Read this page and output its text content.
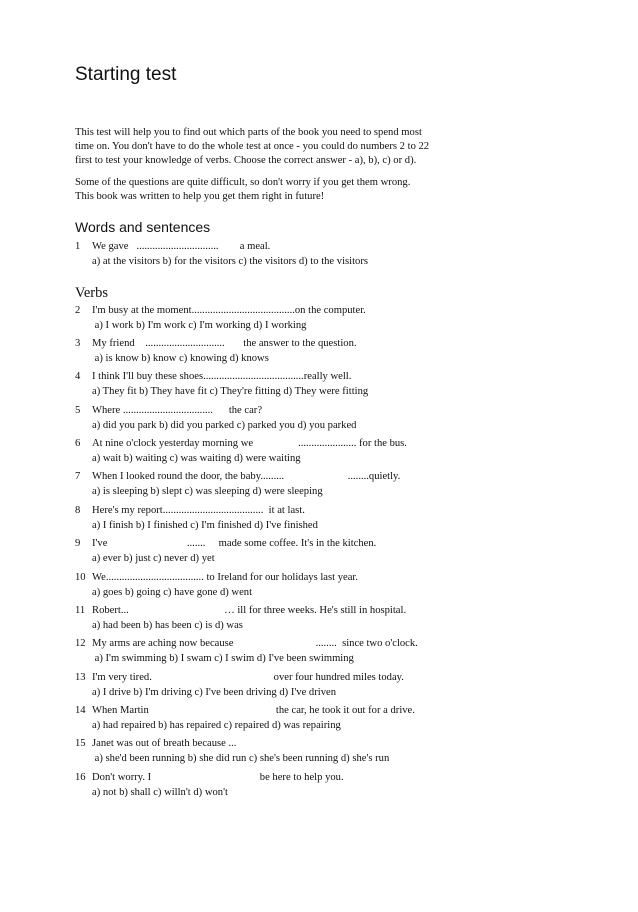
Starting test

This test will help you to find out which parts of the book you need to spend most

time on. You don't have to do the whole test at once - you could do numbers 2 to 22

first to test your knowledge of verbs. Choose the correct answer - a), b), c) or d).

Some of the questions are quite difficult, so don't worry if you get them wrong.

This book was written to help you get them right in future!

Words and sentences
Verbs
1 We gave   ...............................        a meal.
a) at the visitors b) for the visitors c) the visitors d) to the visitors
2 I'm busy at the moment.......................................on the computer.
a) I work b) I'm work c) I'm working d) I working
3 My friend    ..............................       the answer to the question.
a) is know b) know c) knowing d) knows
4 I think I'll buy these shoes......................................really well.
a) They fit b) They have fit c) They're fitting d) They were fitting
5 Where ..................................      the car?
a) did you park b) did you parked c) parked you d) you parked
6 At nine o'clock yesterday morning we                 ...................... for the bus.
a) wait b) waiting c) was waiting d) were waiting
7 When I looked round the door, the baby.........                        ........quietly.
a) is sleeping b) slept c) was sleeping d) were sleeping
8 Here's my report......................................  it at last.
a) I finish b) I finished c) I'm finished d) I've finished
9 I've                              .......     made some coffee. It's in the kitchen.
a) ever b) just c) never d) yet
10 We..................................... to Ireland for our holidays last year.
a) goes b) going c) have gone d) went
11 Robert...                                    … ill for three weeks. He's still in hospital.
a) had been b) has been c) is d) was
12 My arms are aching now because                               ........  since two o'clock.
a) I'm swimming b) I swam c) I swim d) I've been swimming
13 I'm very tired.                                              over four hundred miles today.
a) I drive b) I'm driving c) I've been driving d) I've driven
14 When Martin                                                the car, he took it out for a drive.
a) had repaired b) has repaired c) repaired d) was repairing
15 Janet was out of breath because ...
a) she'd been running b) she did run c) she's been running d) she's run
16 Don't worry. I                                         be here to help you.
a) not b) shall c) willn't d) won't
